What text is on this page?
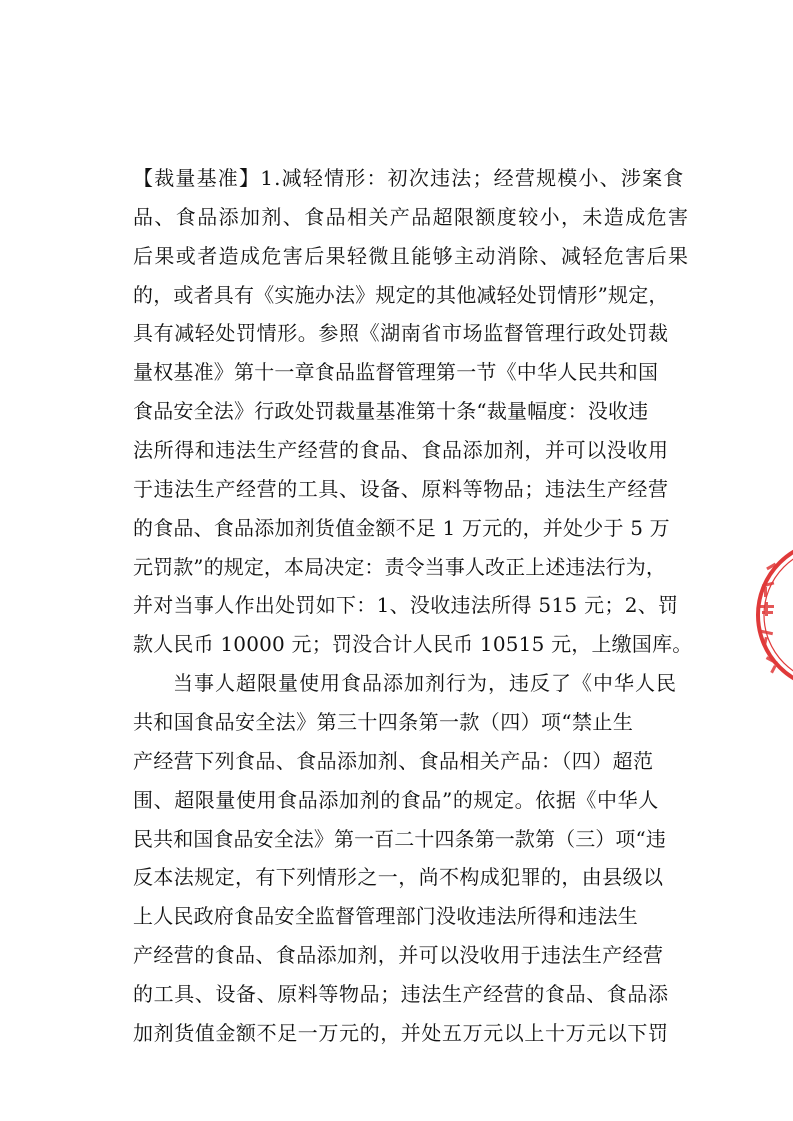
【裁量基准】1.减轻情形：初次违法；经营规模小、涉案食
品、食品添加剂、食品相关产品超限额度较小，未造成危害
后果或者造成危害后果轻微且能够主动消除、减轻危害后果
的，或者具有《实施办法》规定的其他减轻处罚情形”规定，
具有减轻处罚情形。参照《湖南省市场监督管理行政处罚裁
量权基准》第十一章食品监督管理第一节《中华人民共和国
食品安全法》行政处罚裁量基准第十条“裁量幅度：没收违
法所得和违法生产经营的食品、食品添加剂，并可以没收用
于违法生产经营的工具、设备、原料等物品；违法生产经营
的食品、食品添加剂货值金额不足 1 万元的，并处少于 5 万
元罚款”的规定，本局决定：责令当事人改正上述违法行为，
并对当事人作出处罚如下：1、没收违法所得 515 元；2、罚
款人民币 10000 元；罚没合计人民币 10515 元，上缴国库。
当事人超限量使用食品添加剂行为，违反了《中华人民
共和国食品安全法》第三十四条第一款（四）项“禁止生
产经营下列食品、食品添加剂、食品相关产品：（四）超范
围、超限量使用食品添加剂的食品”的规定。依据《中华人
民共和国食品安全法》第一百二十四条第一款第（三）项“违
反本法规定，有下列情形之一，尚不构成犯罪的，由县级以
上人民政府食品安全监督管理部门没收违法所得和违法生
产经营的食品、食品添加剂，并可以没收用于违法生产经营
的工具、设备、原料等物品；违法生产经营的食品、食品添
加剂货值金额不足一万元的，并处五万元以上十万元以下罚
